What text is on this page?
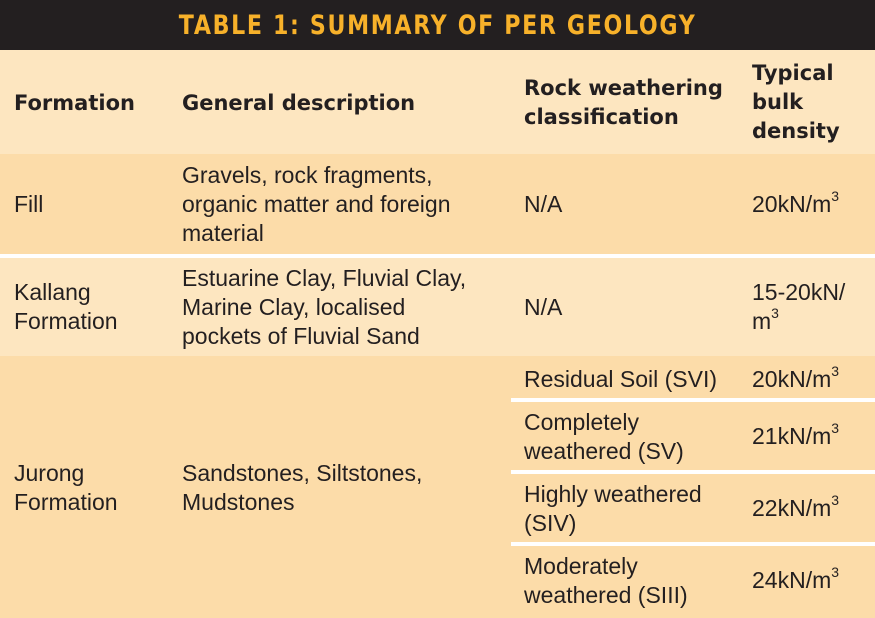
TABLE 1: SUMMARY OF PER GEOLOGY
Formation General description
Rock weathering
classification
Typical
bulk
density
Fill
Gravels, rock fragments,
organic matter and foreign
material
N/A	$20kN/m^3$
Kallang
Formation
Estuarine Clay, Fluvial Clay,
Marine Clay, localised
pockets of Fluvial Sand
N/A
15-20kN/
$m^3$
Jurong
Formation
Sandstones, Siltstones,
Mudstones
Residual Soil (SVI) $20kN/m^3$
Completely
weathered (SV)
$21kN/m^3$
Highly weathered
(SIV)
$22kN/m^3$
Moderately
weathered (SIII)
$24kN/m^3$
